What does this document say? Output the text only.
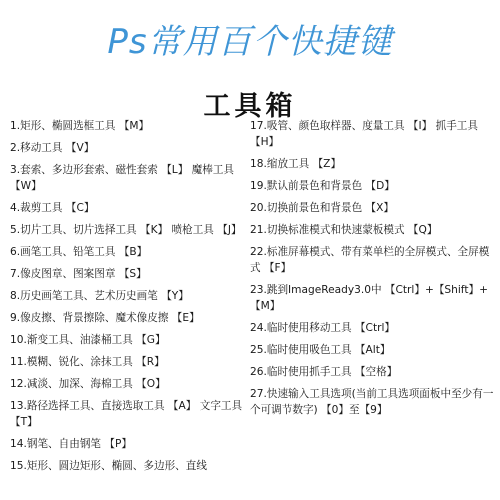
Ps常用百个快捷键
工具箱
1.矩形、椭圆选框工具 【M】
2.移动工具 【V】
3.套索、多边形套索、磁性套索 【L】 魔棒工具 【W】
4.裁剪工具 【C】
5.切片工具、切片选择工具 【K】 喷枪工具 【J】
6.画笔工具、铅笔工具 【B】
7.像皮图章、图案图章 【S】
8.历史画笔工具、艺术历史画笔 【Y】
9.像皮擦、背景擦除、魔术像皮擦 【E】
10.渐变工具、油漆桶工具 【G】
11.模糊、锐化、涂抹工具 【R】
12.减淡、加深、海棉工具 【O】
13.路径选择工具、直接选取工具 【A】 文字工具 【T】
14.钢笔、自由钢笔 【P】
15.矩形、圆边矩形、椭圆、多边形、直线
17.吸管、颜色取样器、度量工具 【I】 抓手工具 【H】
18.缩放工具 【Z】
19.默认前景色和背景色 【D】
20.切换前景色和背景色 【X】
21.切换标准模式和快速蒙板模式 【Q】
22.标准屏幕模式、带有菜单栏的全屏模式、全屏模式 【F】
23.跳到ImageReady3.0中 【Ctrl】+【Shift】+【M】
24.临时使用移动工具 【Ctrl】
25.临时使用吸色工具 【Alt】
26.临时使用抓手工具 【空格】
27.快速输入工具选项(当前工具选项面板中至少有一个可调节数字) 【0】至【9】
